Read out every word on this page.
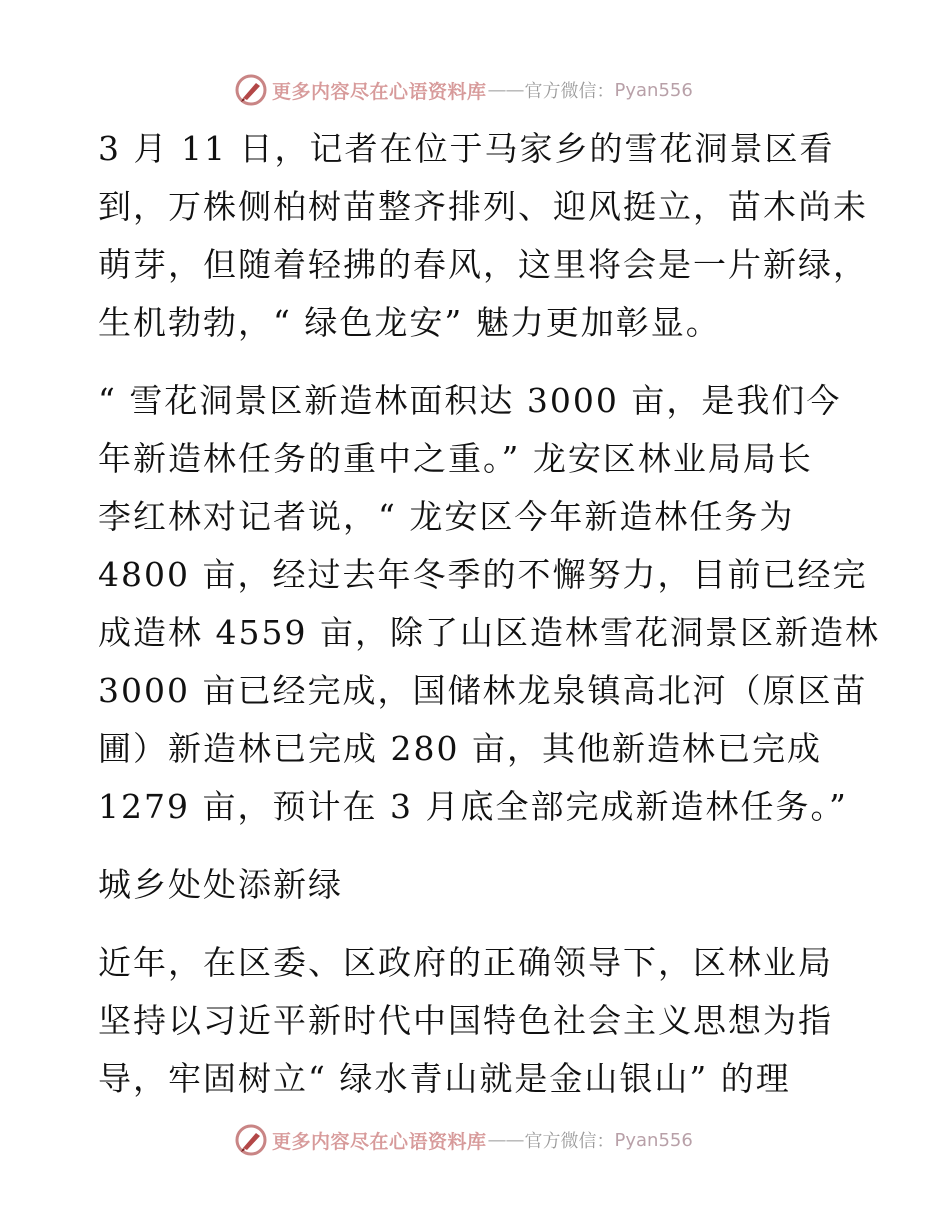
更多内容尽在心语资料库 —— 官方微信： Pyan556
3 月 11 日，记者在位于马家乡的雪花洞景区看
到，万株侧柏树苗整齐排列、迎风挺立，苗木尚未
萌芽，但随着轻拂的春风，这里将会是一片新绿，
生机勃勃，“ 绿色龙安” 魅力更加彰显。
“ 雪花洞景区新造林面积达 3000 亩，是我们今
年新造林任务的重中之重。” 龙安区林业局局长
李红林对记者说，“ 龙安区今年新造林任务为
4800 亩，经过去年冬季的不懈努力，目前已经完
成造林 4559 亩，除了山区造林雪花洞景区新造林
3000 亩已经完成，国储林龙泉镇高北河（原区苗
圃）新造林已完成 280 亩，其他新造林已完成
1279 亩，预计在 3 月底全部完成新造林任务。”
城乡处处添新绿
近年，在区委、区政府的正确领导下，区林业局
坚持以习近平新时代中国特色社会主义思想为指
导，牢固树立“ 绿水青山就是金山银山” 的理
更多内容尽在心语资料库 —— 官方微信： Pyan556
